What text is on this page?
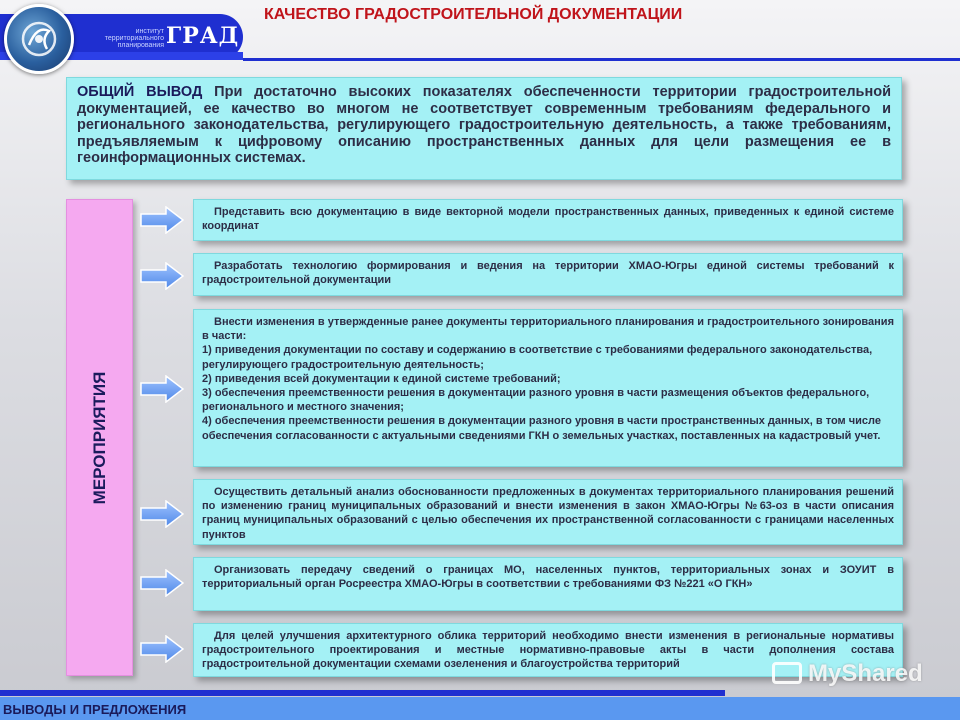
институт
территориального
планирования ГРАД
КАЧЕСТВО ГРАДОСТРОИТЕЛЬНОЙ ДОКУМЕНТАЦИИ
ОБЩИЙ ВЫВОД При достаточно высоких показателях обеспеченности территории градостроительной документацией, ее качество во многом не соответствует современным требованиям федерального и регионального законодательства, регулирующего градостроительную деятельность, а также требованиям, предъявляемым к цифровому описанию пространственных данных для цели размещения ее в геоинформационных системах.
МЕРОПРИЯТИЯ
Представить всю документацию в виде векторной модели пространственных данных, приведенных к единой системе координат
Разработать технологию формирования и ведения на территории ХМАО-Югры единой системы требований к градостроительной документации
Внести изменения в утвержденные ранее документы территориального планирования и градостроительного зонирования в части:
1) приведения документации по составу и содержанию в соответствие с требованиями федерального законодательства, регулирующего градостроительную деятельность;
2) приведения всей документации к единой системе требований;
3) обеспечения преемственности решения в документации разного уровня в части размещения объектов федерального, регионального и местного значения;
4) обеспечения преемственности решения в документации разного уровня в части пространственных данных, в том числе обеспечения согласованности с актуальными сведениями ГКН о земельных участках, поставленных на кадастровый учет.
Осуществить детальный анализ обоснованности предложенных в документах территориального планирования решений по изменению границ муниципальных образований и внести изменения в закон ХМАО-Югры №63-оз в части описания границ муниципальных образований с целью обеспечения их пространственной согласованности с границами населенных пунктов
Организовать передачу сведений о границах МО, населенных пунктов, территориальных зонах и ЗОУИТ в территориальный орган Росреестра ХМАО-Югры в соответствии с требованиями ФЗ №221 «О ГКН»
Для целей улучшения архитектурного облика территорий необходимо внести изменения в региональные нормативы градостроительного проектирования и местные нормативно-правовые акты в части дополнения состава градостроительной документации схемами озеленения и благоустройства территорий
ВЫВОДЫ И ПРЕДЛОЖЕНИЯ
MyShared
